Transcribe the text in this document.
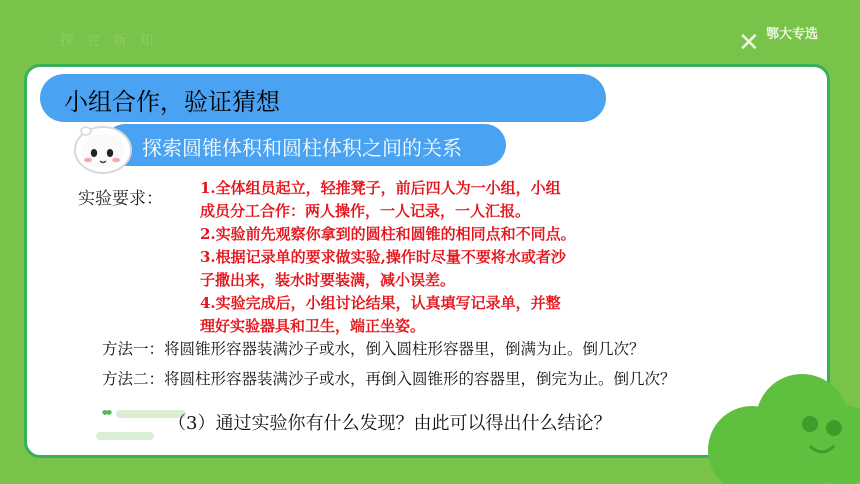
探 究 新 知	✕ 鄂大专选
小组合作，验证猜想
探索圆锥体积和圆柱体积之间的关系
实验要求：
1.全体组员起立，轻推凳子，前后四人为一小组，小组
成员分工合作：两人操作，一人记录，一人汇报。
2.实验前先观察你拿到的圆柱和圆锥的相同点和不同点。
3.根据记录单的要求做实验,操作时尽量不要将水或者沙
子撒出来，装水时要装满，减小误差。
4.实验完成后，小组讨论结果，认真填写记录单，并整
理好实验器具和卫生，端正坐姿。
方法一：将圆锥形容器装满沙子或水，倒入圆柱形容器里，倒满为止。倒几次？
方法二：将圆柱形容器装满沙子或水，再倒入圆锥形的容器里，倒完为止。倒几次？
（3）通过实验你有什么发现？由此可以得出什么结论？
